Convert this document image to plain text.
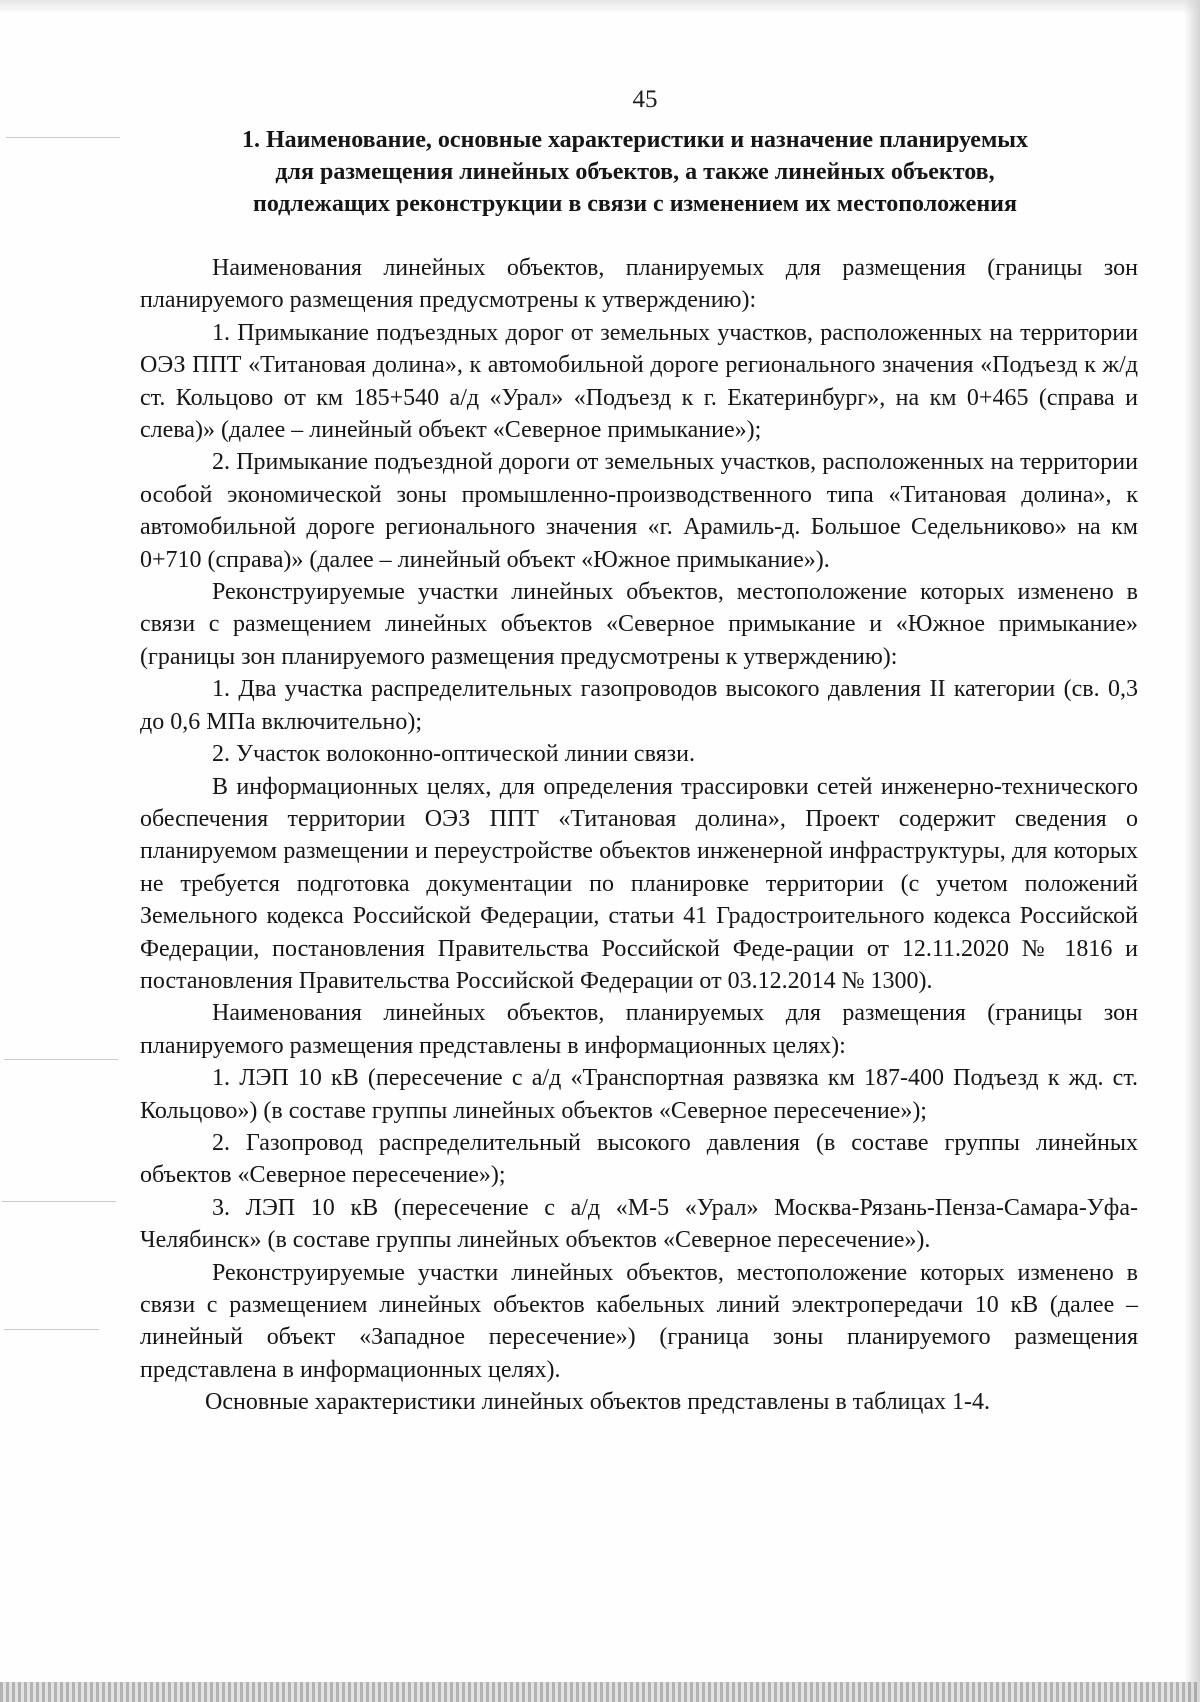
——————
——————
——————
—————
45
1. Наименование, основные характеристики и назначение планируемых
для размещения линейных объектов, а также линейных объектов,
подлежащих реконструкции в связи с изменением их местоположения

Наименования линейных объектов, планируемых для размещения (границы зон планируемого размещения предусмотрены к утверждению):

1. Примыкание подъездных дорог от земельных участков, расположенных на территории ОЭЗ ППТ «Титановая долина», к автомобильной дороге регионального значения «Подъезд к ж/д ст. Кольцово от км 185+540 а/д «Урал» «Подъезд к г. Екатеринбург», на км 0+465 (справа и слева)» (далее – линейный объект «Северное примыкание»);

2. Примыкание подъездной дороги от земельных участков, расположенных на территории особой экономической зоны промышленно-производственного типа «Титановая долина», к автомобильной дороге регионального значения «г. Арамиль-д. Большое Седельниково» на км 0+710 (справа)» (далее – линейный объект «Южное примыкание»).

Реконструируемые участки линейных объектов, местоположение которых изменено в связи с размещением линейных объектов «Северное примыкание и «Южное примыкание» (границы зон планируемого размещения предусмотрены к утверждению):

1. Два участка распределительных газопроводов высокого давления II категории (св. 0,3 до 0,6 МПа включительно);

2. Участок волоконно-оптической линии связи.

В информационных целях, для определения трассировки сетей инженерно-технического обеспечения территории ОЭЗ ППТ «Титановая долина», Проект содержит сведения о планируемом размещении и переустройстве объектов инженерной инфраструктуры, для которых не требуется подготовка документации по планировке территории (с учетом положений Земельного кодекса Российской Федерации, статьи 41 Градостроительного кодекса Российской Федерации, постановления Правительства Российской Феде-рации от 12.11.2020 № 1816 и постановления Правительства Российской Федерации от 03.12.2014 № 1300).

Наименования линейных объектов, планируемых для размещения (границы зон планируемого размещения представлены в информационных целях):

1. ЛЭП 10 кВ (пересечение с а/д «Транспортная развязка км 187-400 Подъезд к жд. ст. Кольцово») (в составе группы линейных объектов «Северное пересечение»);

2. Газопровод распределительный высокого давления (в составе группы линейных объектов «Северное пересечение»);

3. ЛЭП 10 кВ (пересечение с а/д «М-5 «Урал» Москва-Рязань-Пенза-Самара-Уфа-Челябинск» (в составе группы линейных объектов «Северное пересечение»).

Реконструируемые участки линейных объектов, местоположение которых изменено в связи с размещением линейных объектов кабельных линий электропередачи 10 кВ (далее – линейный объект «Западное пересечение») (граница зоны планируемого размещения представлена в информационных целях).

Основные характеристики линейных объектов представлены в таблицах 1-4.
